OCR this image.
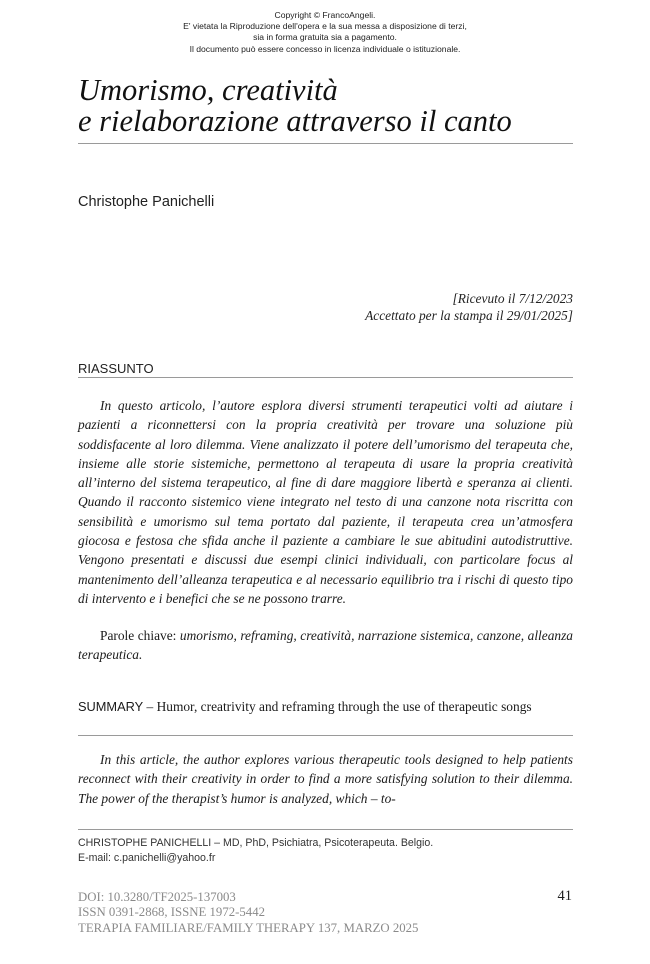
Copyright © FrancoAngeli.
E' vietata la Riproduzione dell'opera e la sua messa a disposizione di terzi,
sia in forma gratuita sia a pagamento.
Il documento può essere concesso in licenza individuale o istituzionale.
Umorismo, creatività
e rielaborazione attraverso il canto
Christophe Panichelli
[Ricevuto il 7/12/2023
Accettato per la stampa il 29/01/2025]
RIASSUNTO

In questo articolo, l’autore esplora diversi strumenti terapeutici volti ad aiutare i pazienti a riconnettersi con la propria creatività per trovare una soluzione più soddisfacente al loro dilemma. Viene analizzato il potere dell’umorismo del terapeuta che, insieme alle storie sistemiche, permettono al terapeuta di usare la propria creatività all’interno del sistema terapeutico, al fine di dare maggiore libertà e speranza ai clienti. Quando il racconto sistemico viene integrato nel testo di una canzone nota riscritta con sensibilità e umorismo sul tema portato dal paziente, il terapeuta crea un’atmosfera giocosa e festosa che sfida anche il paziente a cambiare le sue abitudini autodistruttive. Vengono presentati e discussi due esempi clinici individuali, con particolare focus al mantenimento dell’alleanza terapeutica e al necessario equilibrio tra i rischi di questo tipo di intervento e i benefici che se ne possono trarre.

Parole chiave: umorismo, reframing, creatività, narrazione sistemica, canzone, alleanza terapeutica.

SUMMARY – Humor, creatrivity and reframing through the use of therapeutic songs

In this article, the author explores various therapeutic tools designed to help patients reconnect with their creativity in order to find a more satisfying solution to their dilemma. The power of the therapist’s humor is analyzed, which – to-

CHRISTOPHE PANICHELLI – MD, PhD, Psichiatra, Psicoterapeuta. Belgio.
E-mail: c.panichelli@yahoo.fr
DOI: 10.3280/TF2025-137003
ISSN 0391-2868, ISSNE 1972-5442
TERAPIA FAMILIARE/FAMILY THERAPY 137, MARZO 2025
41
